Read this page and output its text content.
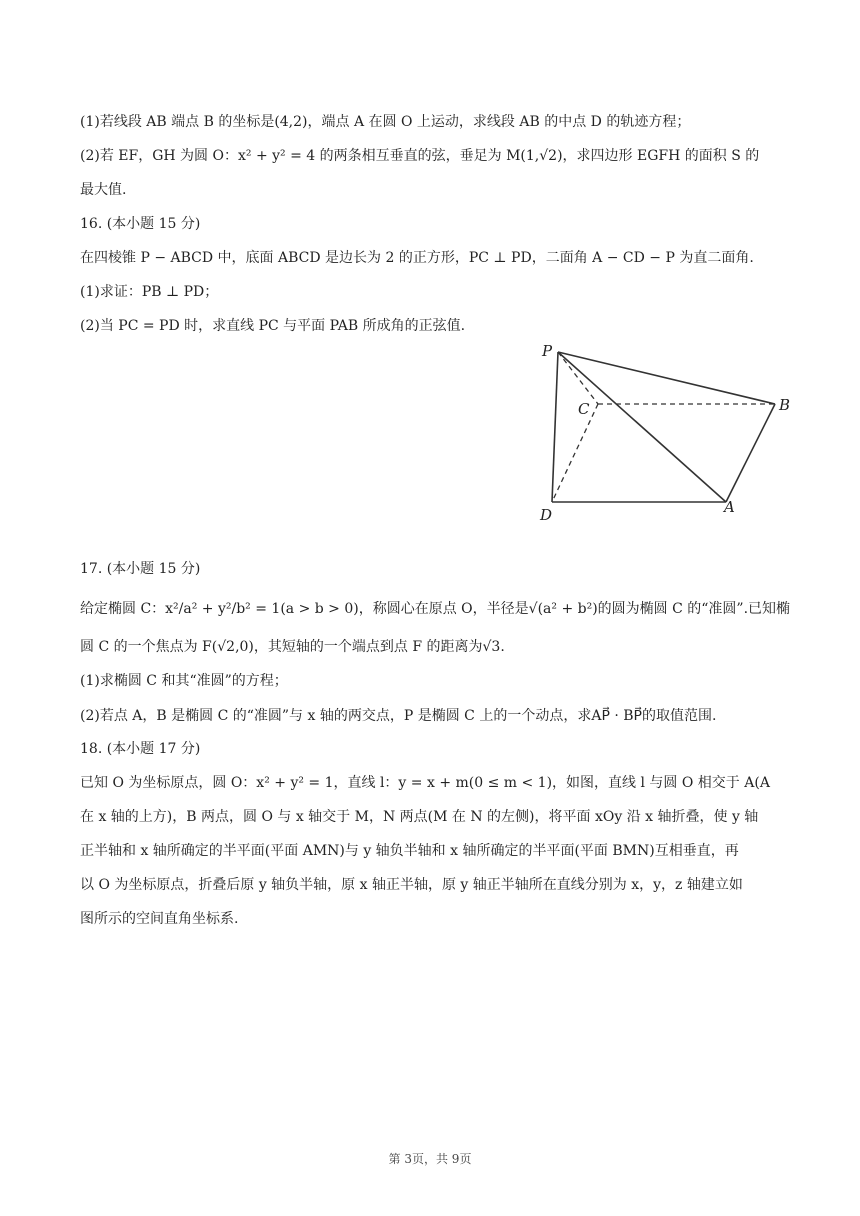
(1)若线段 AB 端点 B 的坐标是(4,2)，端点 A 在圆 O 上运动，求线段 AB 的中点 D 的轨迹方程；
(2)若 EF，GH 为圆 O：x² + y² = 4 的两条相互垂直的弦，垂足为 M(1,√2)，求四边形 EGFH 的面积 S 的
最大值.
16. (本小题 15 分)
在四棱锥 P − ABCD 中，底面 ABCD 是边长为 2 的正方形，PC ⊥ PD，二面角 A − CD − P 为直二面角.
(1)求证：PB ⊥ PD；
(2)当 PC = PD 时，求直线 PC 与平面 PAB 所成角的正弦值.
P
C	B
D	A
17. (本小题 15 分)
给定椭圆 C：x²/a² + y²/b² = 1(a > b > 0)，称圆心在原点 O，半径是√(a² + b²)的圆为椭圆 C 的“准圆”.已知椭
圆 C 的一个焦点为 F(√2,0)，其短轴的一个端点到点 F 的距离为√3.
(1)求椭圆 C 和其“准圆”的方程；
(2)若点 A，B 是椭圆 C 的“准圆”与 x 轴的两交点，P 是椭圆 C 上的一个动点，求AP⃗ · BP⃗的取值范围.
18. (本小题 17 分)
已知 O 为坐标原点，圆 O：x² + y² = 1，直线 l：y = x + m(0 ≤ m < 1)，如图，直线 l 与圆 O 相交于 A(A
在 x 轴的上方)，B 两点，圆 O 与 x 轴交于 M，N 两点(M 在 N 的左侧)，将平面 xOy 沿 x 轴折叠，使 y 轴
正半轴和 x 轴所确定的半平面(平面 AMN)与 y 轴负半轴和 x 轴所确定的半平面(平面 BMN)互相垂直，再
以 O 为坐标原点，折叠后原 y 轴负半轴，原 x 轴正半轴，原 y 轴正半轴所在直线分别为 x，y，z 轴建立如
图所示的空间直角坐标系.
第 3页，共 9页
